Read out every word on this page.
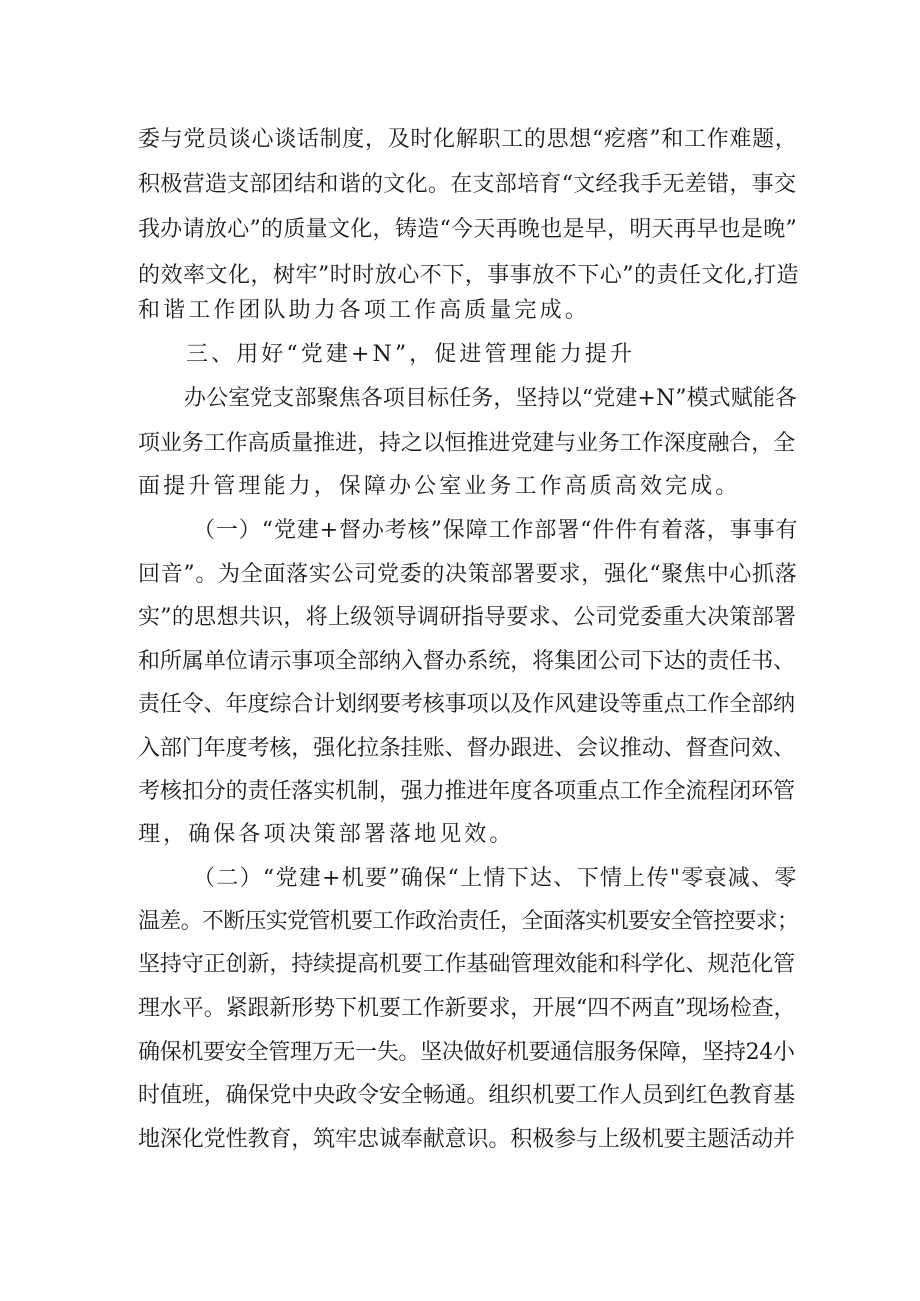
委与党员谈心谈话制度，及时化解职工的思想“疙瘩”和工作难题，
积极营造支部团结和谐的文化。在支部培育“文经我手无差错，事交
我办请放心”的质量文化，铸造“今天再晚也是早，明天再早也是晚”
的效率文化，树牢”时时放心不下，事事放不下心”的责任文化,打造
和谐工作团队助力各项工作高质量完成。
三、用好“党建+N”，促进管理能力提升
办公室党支部聚焦各项目标任务，坚持以“党建+N”模式赋能各
项业务工作高质量推进，持之以恒推进党建与业务工作深度融合，全
面提升管理能力，保障办公室业务工作高质高效完成。
（一）“党建+督办考核”保障工作部署“件件有着落，事事有
回音”。为全面落实公司党委的决策部署要求，强化“聚焦中心抓落
实”的思想共识，将上级领导调研指导要求、公司党委重大决策部署
和所属单位请示事项全部纳入督办系统，将集团公司下达的责任书、
责任令、年度综合计划纲要考核事项以及作风建设等重点工作全部纳
入部门年度考核，强化拉条挂账、督办跟进、会议推动、督查问效、
考核扣分的责任落实机制，强力推进年度各项重点工作全流程闭环管
理，确保各项决策部署落地见效。
（二）“党建+机要”确保“上情下达、下情上传"零衰减、零
温差。不断压实党管机要工作政治责任，全面落实机要安全管控要求；
坚持守正创新，持续提高机要工作基础管理效能和科学化、规范化管
理水平。紧跟新形势下机要工作新要求，开展“四不两直”现场检查，
确保机要安全管理万无一失。坚决做好机要通信服务保障，坚持24小
时值班，确保党中央政令安全畅通。组织机要工作人员到红色教育基
地深化党性教育，筑牢忠诚奉献意识。积极参与上级机要主题活动并
